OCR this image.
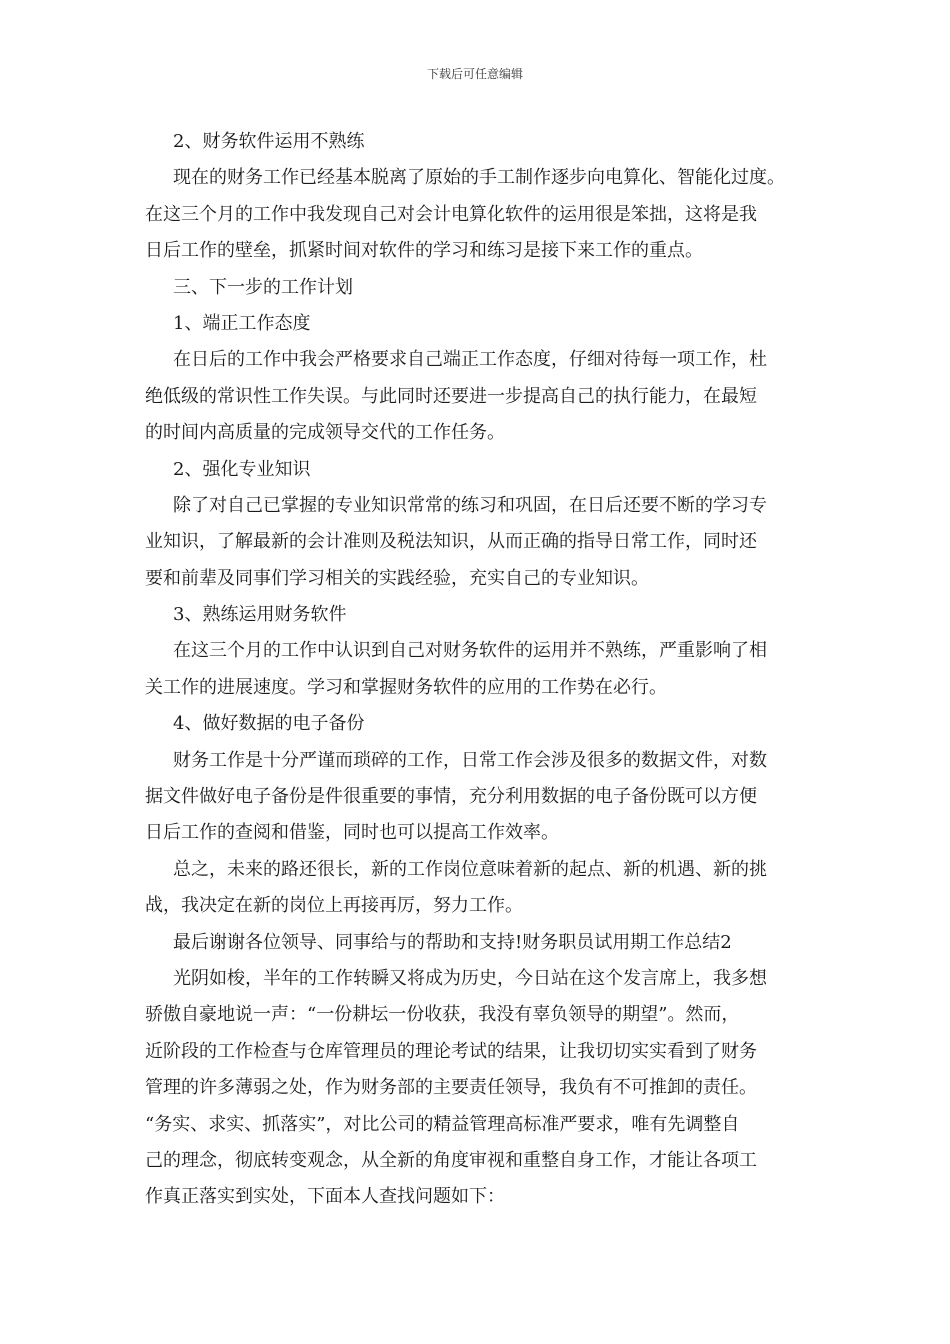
下载后可任意编辑
2、财务软件运用不熟练
现在的财务工作已经基本脱离了原始的手工制作逐步向电算化、智能化过度。
在这三个月的工作中我发现自己对会计电算化软件的运用很是笨拙，这将是我
日后工作的壁垒，抓紧时间对软件的学习和练习是接下来工作的重点。
三、下一步的工作计划
1、端正工作态度
在日后的工作中我会严格要求自己端正工作态度，仔细对待每一项工作，杜
绝低级的常识性工作失误。与此同时还要进一步提高自己的执行能力，在最短
的时间内高质量的完成领导交代的工作任务。
2、强化专业知识
除了对自己已掌握的专业知识常常的练习和巩固，在日后还要不断的学习专
业知识，了解最新的会计准则及税法知识，从而正确的指导日常工作，同时还
要和前辈及同事们学习相关的实践经验，充实自己的专业知识。
3、熟练运用财务软件
在这三个月的工作中认识到自己对财务软件的运用并不熟练，严重影响了相
关工作的进展速度。学习和掌握财务软件的应用的工作势在必行。
4、做好数据的电子备份
财务工作是十分严谨而琐碎的工作，日常工作会涉及很多的数据文件，对数
据文件做好电子备份是件很重要的事情，充分利用数据的电子备份既可以方便
日后工作的查阅和借鉴，同时也可以提高工作效率。
总之，未来的路还很长，新的工作岗位意味着新的起点、新的机遇、新的挑
战，我决定在新的岗位上再接再厉，努力工作。
最后谢谢各位领导、同事给与的帮助和支持!财务职员试用期工作总结2
光阴如梭，半年的工作转瞬又将成为历史，今日站在这个发言席上，我多想
骄傲自豪地说一声：“一份耕坛一份收获，我没有辜负领导的期望”。然而，
近阶段的工作检查与仓库管理员的理论考试的结果，让我切切实实看到了财务
管理的许多薄弱之处，作为财务部的主要责任领导，我负有不可推卸的责任。
“务实、求实、抓落实”，对比公司的精益管理高标准严要求，唯有先调整自
己的理念，彻底转变观念，从全新的角度审视和重整自身工作，才能让各项工
作真正落实到实处，下面本人查找问题如下：
